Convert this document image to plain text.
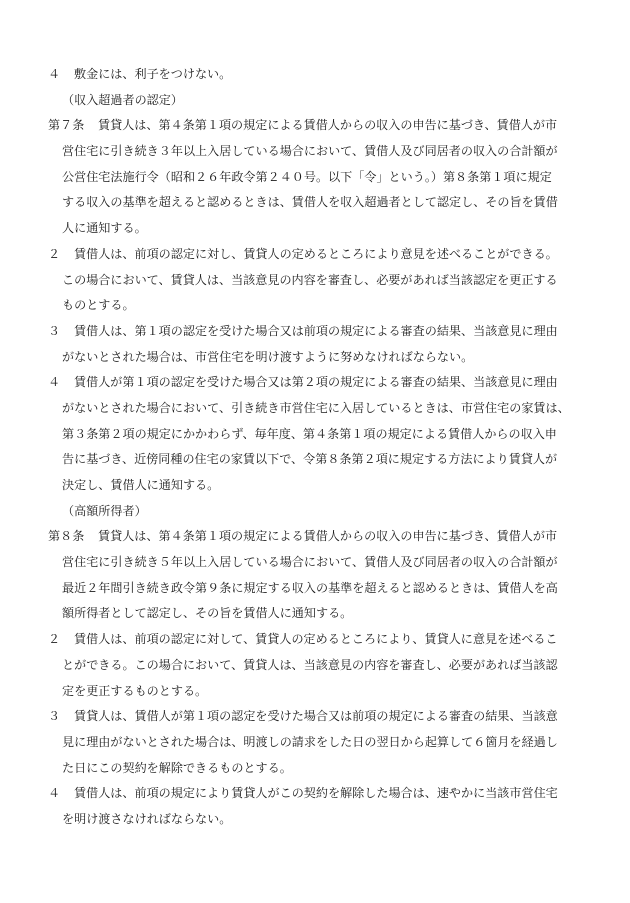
４ 敷金には、利子をつけない。
（収入超過者の認定）
第７条 賃貸人は、第４条第１項の規定による賃借人からの収入の申告に基づき、賃借人が市
営住宅に引き続き３年以上入居している場合において、賃借人及び同居者の収入の合計額が
公営住宅法施行令（昭和２６年政令第２４０号。以下「令」という。）第８条第１項に規定
する収入の基準を超えると認めるときは、賃借人を収入超過者として認定し、その旨を賃借
人に通知する。
２ 賃借人は、前項の認定に対し、賃貸人の定めるところにより意見を述べることができる。
この場合において、賃貸人は、当該意見の内容を審査し、必要があれば当該認定を更正する
ものとする。
３ 賃借人は、第１項の認定を受けた場合又は前項の規定による審査の結果、当該意見に理由
がないとされた場合は、市営住宅を明け渡すように努めなければならない。
４ 賃借人が第１項の認定を受けた場合又は第２項の規定による審査の結果、当該意見に理由
がないとされた場合において、引き続き市営住宅に入居しているときは、市営住宅の家賃は、
第３条第２項の規定にかかわらず、毎年度、第４条第１項の規定による賃借人からの収入申
告に基づき、近傍同種の住宅の家賃以下で、令第８条第２項に規定する方法により賃貸人が
決定し、賃借人に通知する。
（高額所得者）
第８条 賃貸人は、第４条第１項の規定による賃借人からの収入の申告に基づき、賃借人が市
営住宅に引き続き５年以上入居している場合において、賃借人及び同居者の収入の合計額が
最近２年間引き続き政令第９条に規定する収入の基準を超えると認めるときは、賃借人を高
額所得者として認定し、その旨を賃借人に通知する。
２ 賃借人は、前項の認定に対して、賃貸人の定めるところにより、賃貸人に意見を述べるこ
とができる。この場合において、賃貸人は、当該意見の内容を審査し、必要があれば当該認
定を更正するものとする。
３ 賃貸人は、賃借人が第１項の認定を受けた場合又は前項の規定による審査の結果、当該意
見に理由がないとされた場合は、明渡しの請求をした日の翌日から起算して６箇月を経過し
た日にこの契約を解除できるものとする。
４ 賃借人は、前項の規定により賃貸人がこの契約を解除した場合は、速やかに当該市営住宅
を明け渡さなければならない。
